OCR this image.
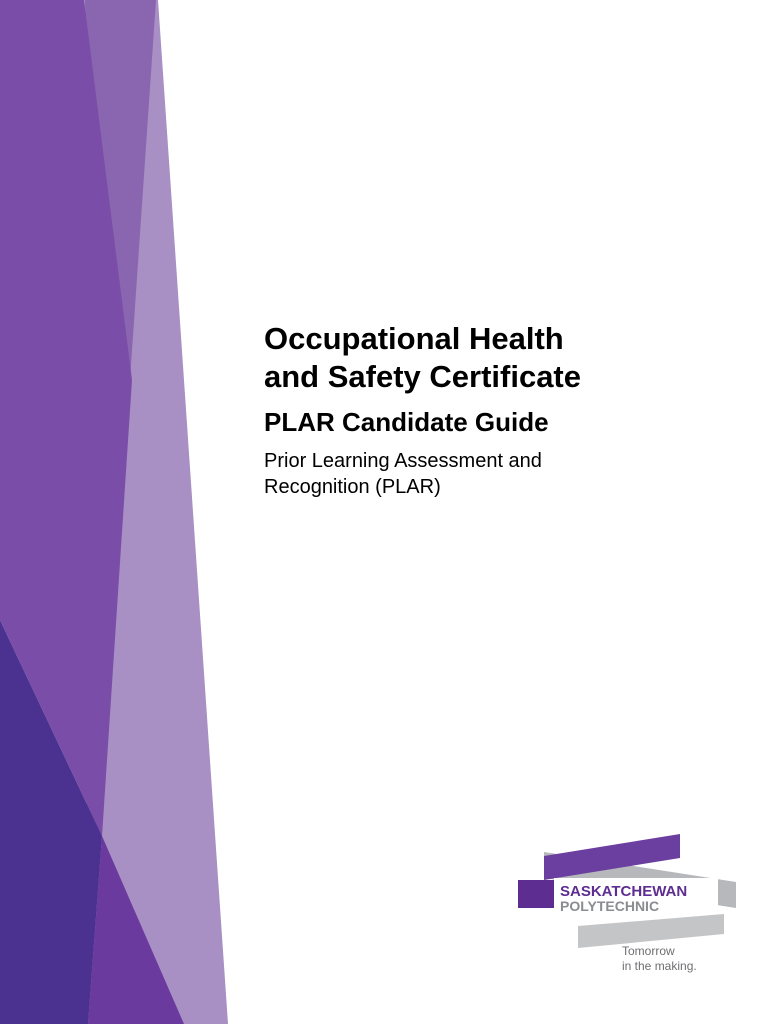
Occupational Health
and Safety Certificate
PLAR Candidate Guide

Prior Learning Assessment and
Recognition (PLAR)

SASKATCHEWAN
POLYTECHNIC
Tomorrow
in the making.
